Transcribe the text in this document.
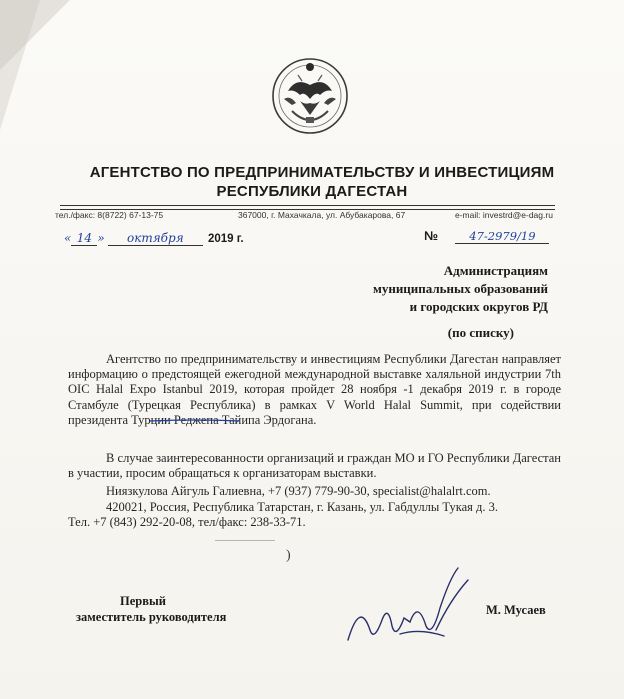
АГЕНТСТВО ПО ПРЕДПРИНИМАТЕЛЬСТВУ И ИНВЕСТИЦИЯМ
РЕСПУБЛИКИ ДАГЕСТАН
тел./факс: 8(8722) 67-13-75	367000, г. Махачкала, ул. Абубакарова, 67	e-mail: investrd@e-dag.ru
« 14 » октября 2019 г.	№	47-2979/19
Администрациям
муниципальных образований
и городских округов РД
(по списку)
Агентство по предпринимательству и инвестициям Республики Дагестан направляет информацию о предстоящей ежегодной международной выставке халяльной индустрии 7th OIC Halal Expo Istanbul 2019, которая пройдет 28 ноября -1 декабря 2019 г. в городе Стамбуле (Турецкая Республика) в рамках V World Halal Summit, при содействии президента Турции Реджепа Тайипа Эрдогана.
В случае заинтересованности организаций и граждан МО и ГО Республики Дагестан в участии, просим обращаться к организаторам выставки.
Ниязкулова Айгуль Галиевна, +7 (937) 779-90-30, specialist@halalrt.com.
420021, Россия, Республика Татарстан, г. Казань, ул. Габдуллы Тукая д. 3.
Тел. +7 (843) 292-20-08, тел/факс: 238-33-71.
)
Первый
заместитель руководителя	М. Мусаев
